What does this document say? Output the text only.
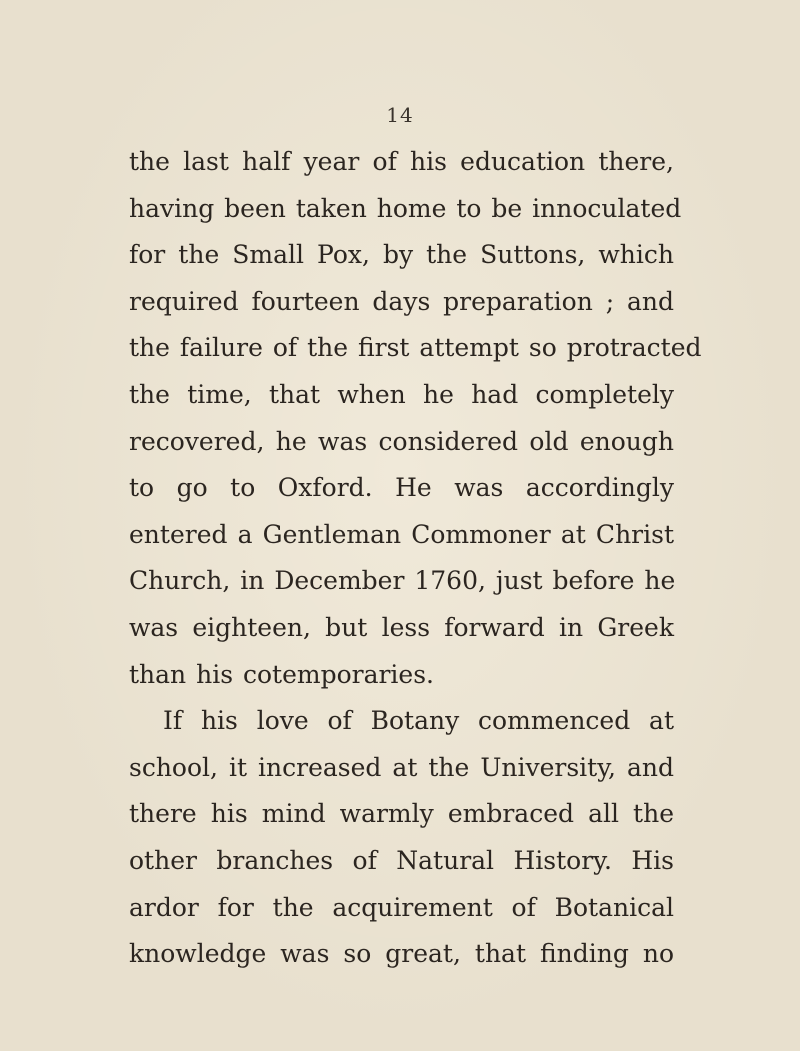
14
the last half year of his education there,
having been taken home to be innoculated
for the Small Pox, by the Suttons, which
required fourteen days preparation ; and
the failure of the first attempt so protracted
the time, that when he had completely
recovered, he was considered old enough
to go to Oxford. He was accordingly
entered a Gentleman Commoner at Christ
Church, in December 1760, just before he
was eighteen, but less forward in Greek
than his cotemporaries.
If his love of Botany commenced at
school, it increased at the University, and
there his mind warmly embraced all the
other branches of Natural History. His
ardor for the acquirement of Botanical
knowledge was so great, that finding no
